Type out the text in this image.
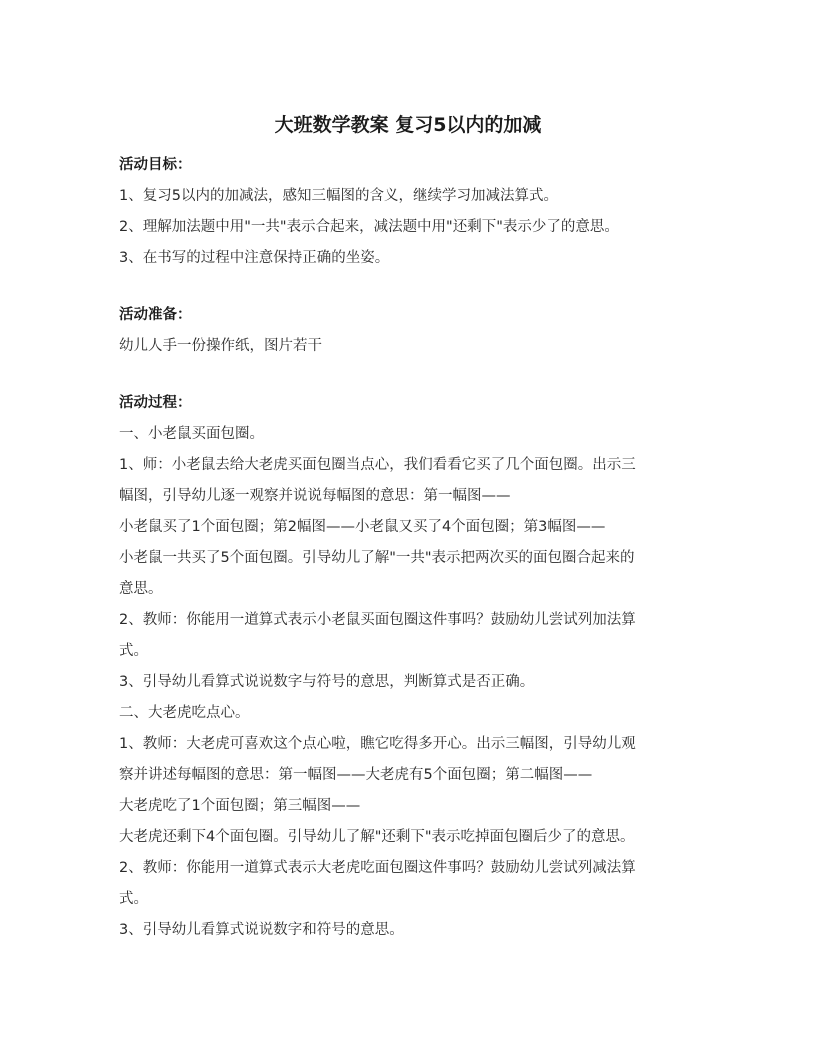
大班数学教案 复习5以内的加减
活动目标：
1、复习5以内的加减法，感知三幅图的含义，继续学习加减法算式。
2、理解加法题中用"一共"表示合起来，减法题中用"还剩下"表示少了的意思。
3、在书写的过程中注意保持正确的坐姿。
活动准备：
幼儿人手一份操作纸，图片若干
活动过程：
一、小老鼠买面包圈。
1、师：小老鼠去给大老虎买面包圈当点心，我们看看它买了几个面包圈。出示三
幅图，引导幼儿逐一观察并说说每幅图的意思：第一幅图——
小老鼠买了1个面包圈；第2幅图——小老鼠又买了4个面包圈；第3幅图——
小老鼠一共买了5个面包圈。引导幼儿了解"一共"表示把两次买的面包圈合起来的
意思。
2、教师：你能用一道算式表示小老鼠买面包圈这件事吗？鼓励幼儿尝试列加法算
式。
3、引导幼儿看算式说说数字与符号的意思，判断算式是否正确。
二、大老虎吃点心。
1、教师：大老虎可喜欢这个点心啦，瞧它吃得多开心。出示三幅图，引导幼儿观
察并讲述每幅图的意思：第一幅图——大老虎有5个面包圈；第二幅图——
大老虎吃了1个面包圈；第三幅图——
大老虎还剩下4个面包圈。引导幼儿了解"还剩下"表示吃掉面包圈后少了的意思。
2、教师：你能用一道算式表示大老虎吃面包圈这件事吗？鼓励幼儿尝试列减法算
式。
3、引导幼儿看算式说说数字和符号的意思。
